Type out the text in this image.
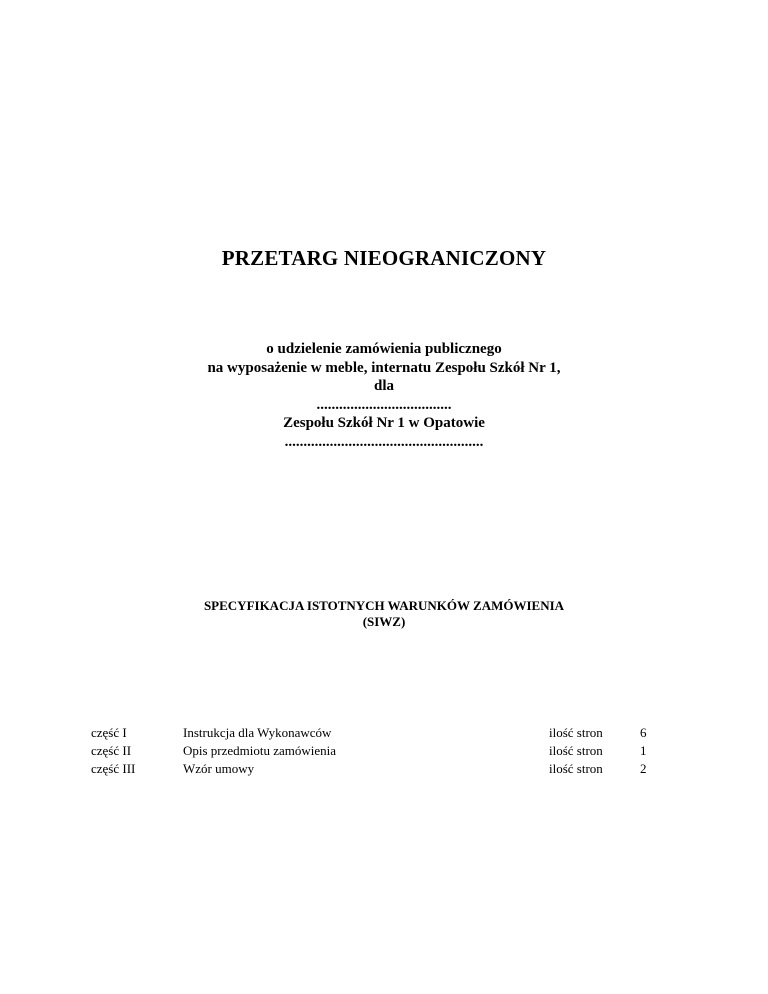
PRZETARG NIEOGRANICZONY
o udzielenie zamówienia publicznego
na wyposażenie w meble, internatu Zespołu Szkół Nr 1,
dla
....................................
Zespołu Szkół Nr 1 w Opatowie
.....................................................
SPECYFIKACJA ISTOTNYCH WARUNKÓW ZAMÓWIENIA
(SIWZ)
część I	Instrukcja dla Wykonawców	ilość stron	6
część II	Opis przedmiotu zamówienia	ilość stron	1
część III	Wzór umowy	ilość stron	2
